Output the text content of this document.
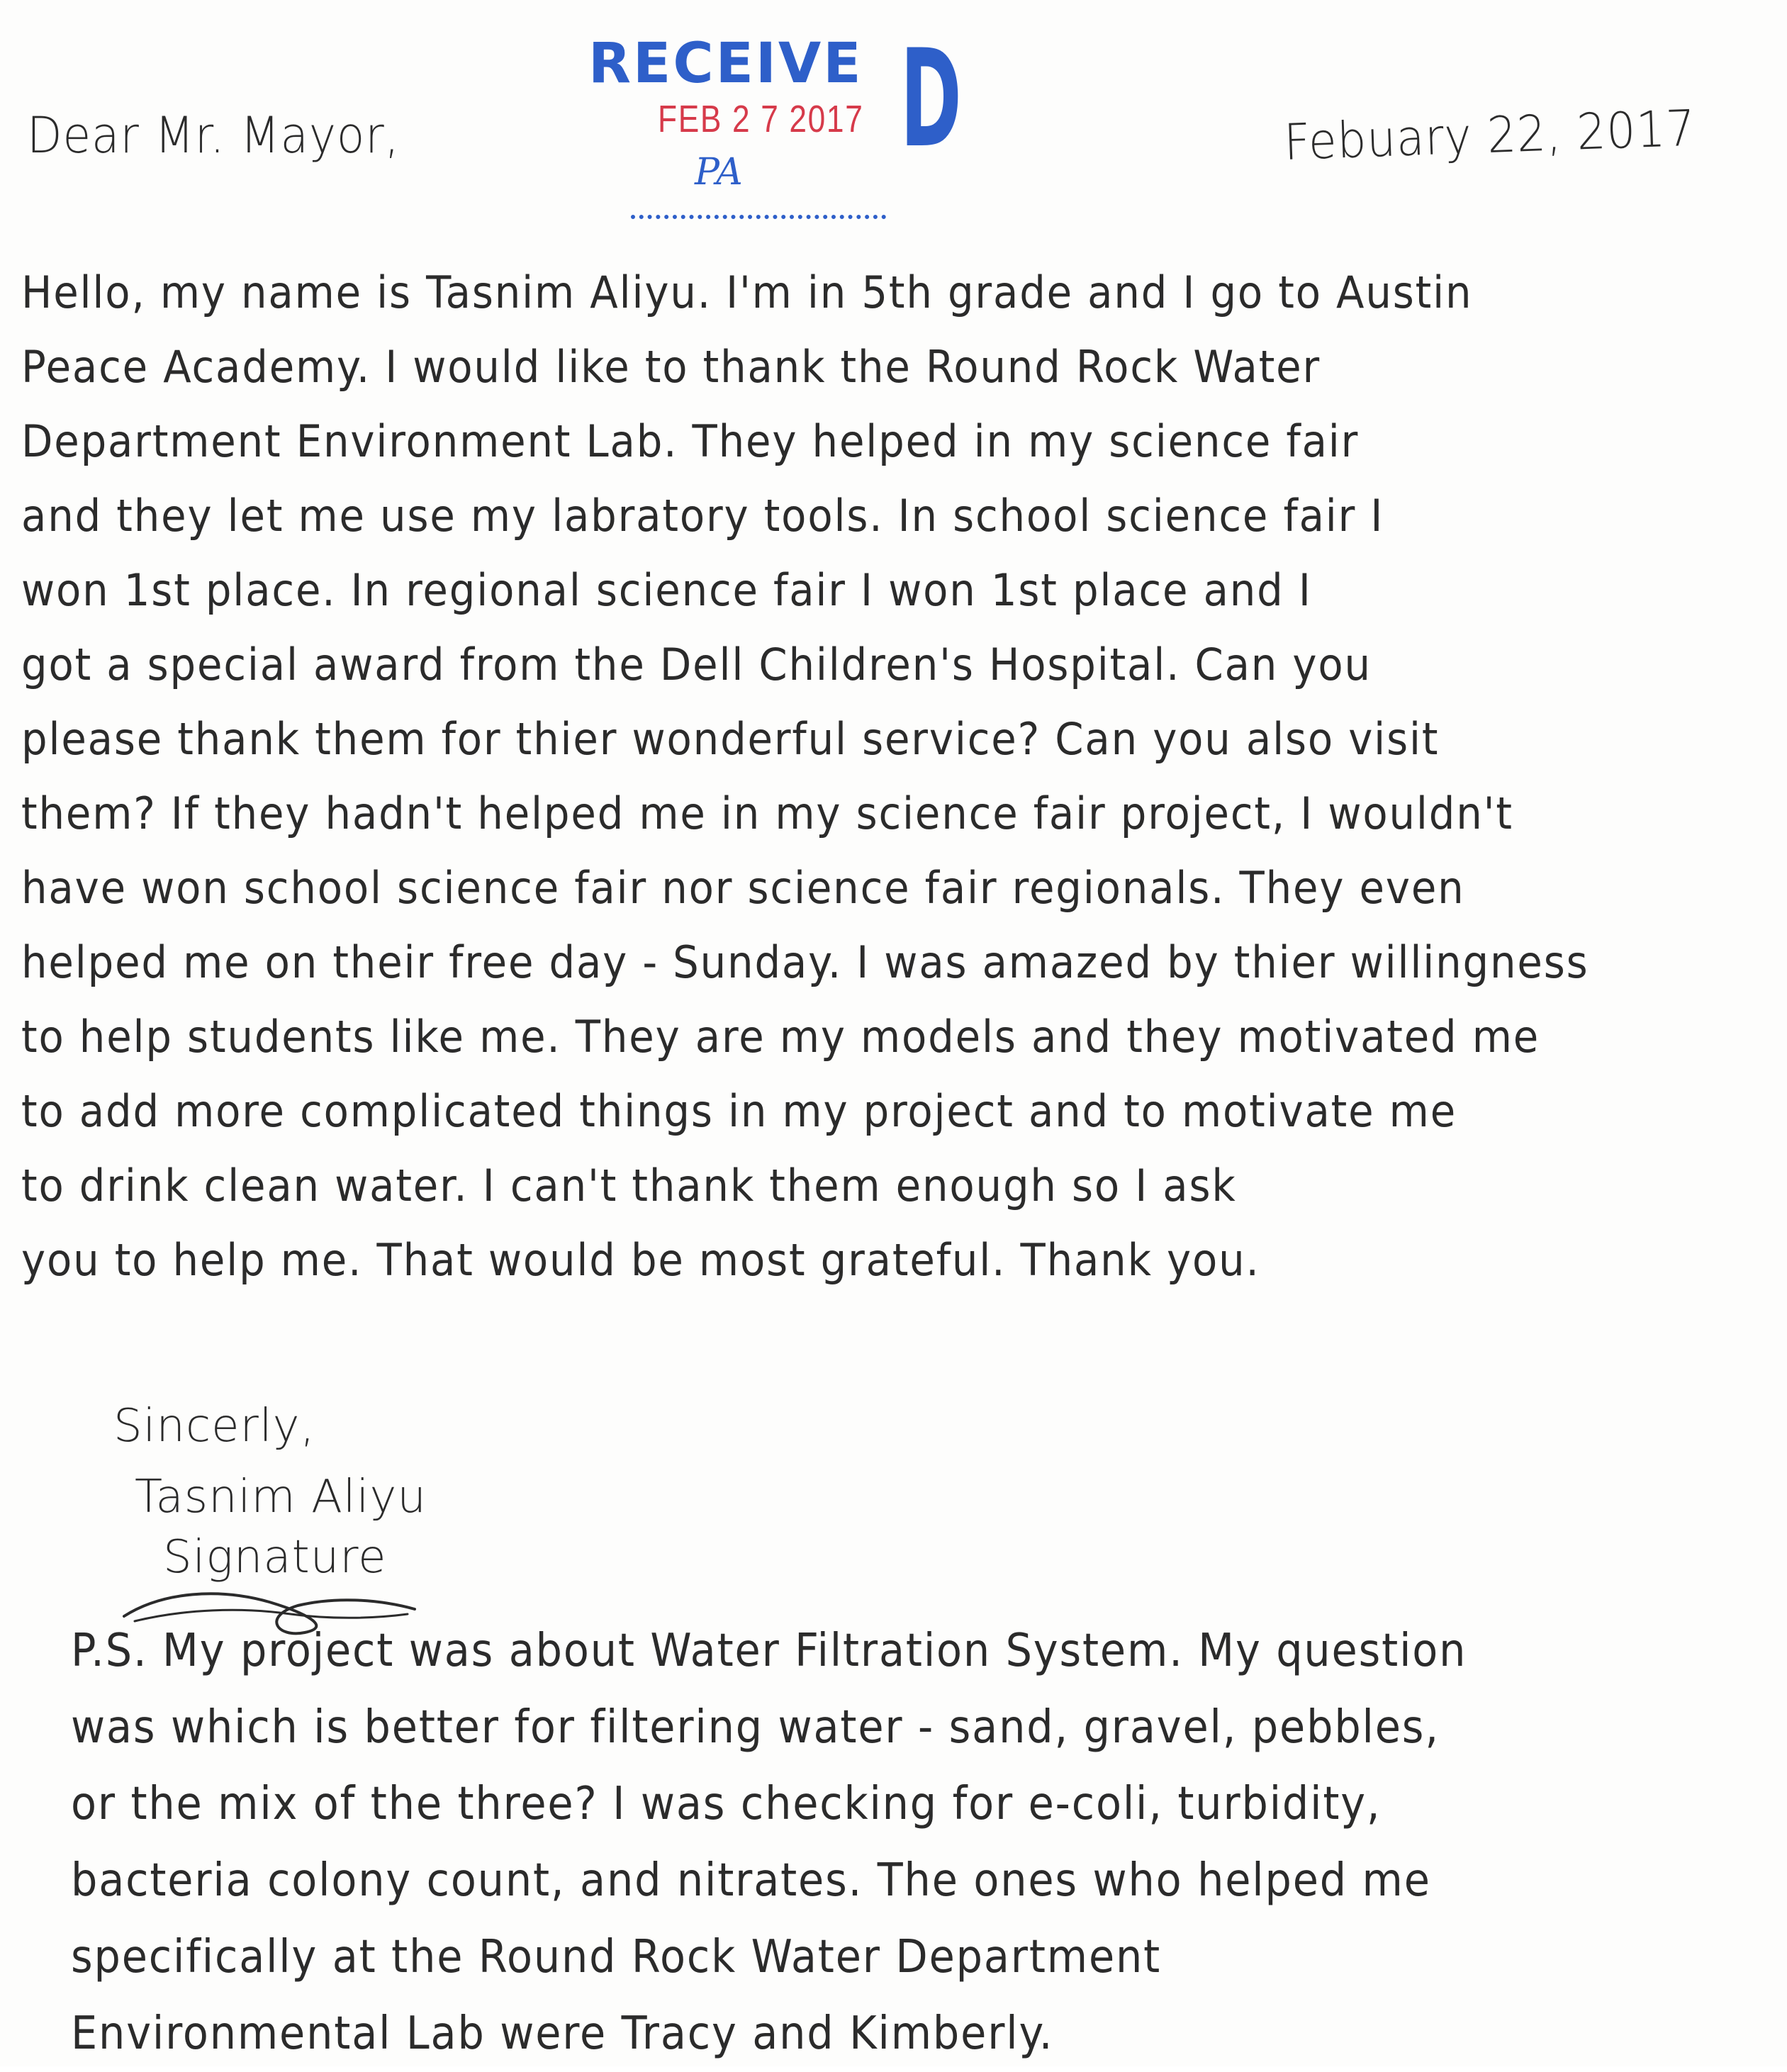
RECEIVE D
FEB 2 7 2017
PA
Dear Mr. Mayor,	Febuary 22, 2017
Hello, my name is Tasnim Aliyu. I'm in 5th grade and I go to Austin
Peace Academy. I would like to thank the Round Rock Water
Department Environment Lab. They helped in my science fair
and they let me use my labratory tools. In school science fair I
won 1st place. In regional science fair I won 1st place and I
got a special award from the Dell Children's Hospital. Can you
please thank them for thier wonderful service? Can you also visit
them? If they hadn't helped me in my science fair project, I wouldn't
have won school science fair nor science fair regionals. They even
helped me on their free day - Sunday. I was amazed by thier willingness
to help students like me. They are my models and they motivated me
to add more complicated things in my project and to motivate me
to drink clean water. I can't thank them enough so I ask
you to help me. That would be most grateful. Thank you.
Sincerly,

Tasnim Aliyu
Signature
P.S. My project was about Water Filtration System. My question
was which is better for filtering water - sand, gravel, pebbles,
or the mix of the three? I was checking for e-coli, turbidity,
bacteria colony count, and nitrates. The ones who helped me
specifically at the Round Rock Water Department
Environmental Lab were Tracy and Kimberly.
